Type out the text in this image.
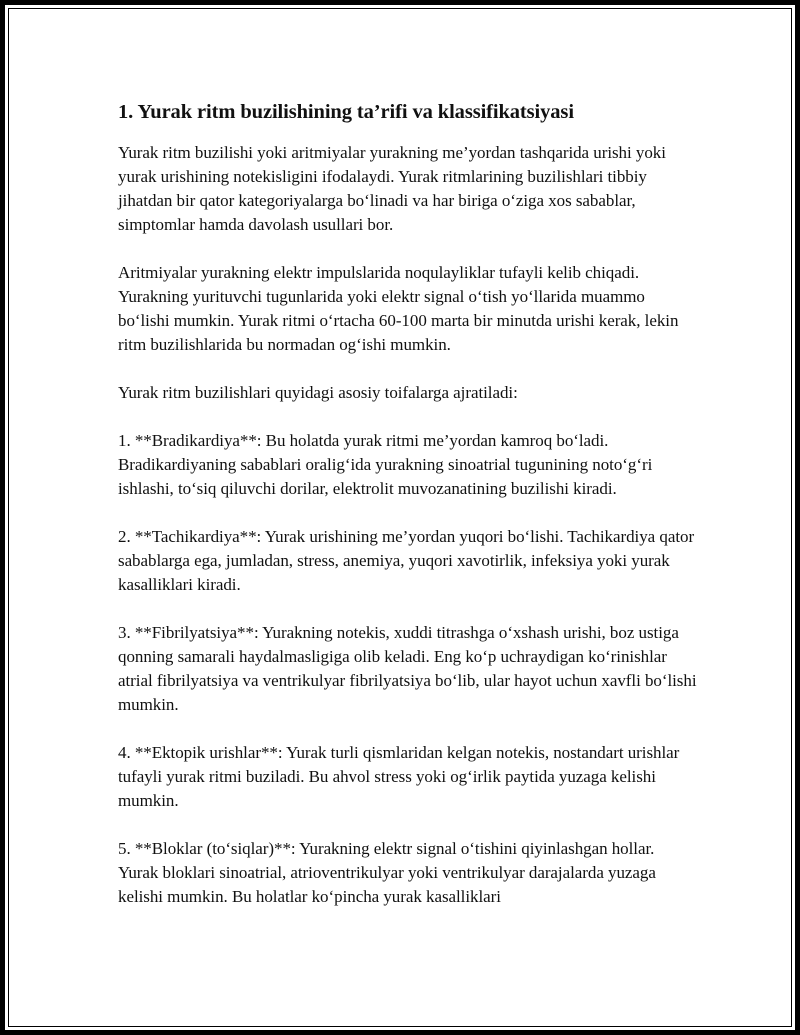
1. Yurak ritm buzilishining ta’rifi va klassifikatsiyasi

Yurak ritm buzilishi yoki aritmiyalar yurakning me’yordan tashqarida urishi yoki yurak urishining notekisligini ifodalaydi. Yurak ritmlarining buzilishlari tibbiy jihatdan bir qator kategoriyalarga bo‘linadi va har biriga o‘ziga xos sabablar, simptomlar hamda davolash usullari bor.

Aritmiyalar yurakning elektr impulslarida noqulayliklar tufayli kelib chiqadi. Yurakning yurituvchi tugunlarida yoki elektr signal o‘tish yo‘llarida muammo bo‘lishi mumkin. Yurak ritmi o‘rtacha 60-100 marta bir minutda urishi kerak, lekin ritm buzilishlarida bu normadan og‘ishi mumkin.

Yurak ritm buzilishlari quyidagi asosiy toifalarga ajratiladi:

1. **Bradikardiya**: Bu holatda yurak ritmi me’yordan kamroq bo‘ladi. Bradikardiyaning sabablari oralig‘ida yurakning sinoatrial tugunining noto‘g‘ri ishlashi, to‘siq qiluvchi dorilar, elektrolit muvozanatining buzilishi kiradi.

2. **Tachikardiya**: Yurak urishining me’yordan yuqori bo‘lishi. Tachikardiya qator sabablarga ega, jumladan, stress, anemiya, yuqori xavotirlik, infeksiya yoki yurak kasalliklari kiradi.

3. **Fibrilyatsiya**: Yurakning notekis, xuddi titrashga o‘xshash urishi, boz ustiga qonning samarali haydalmasligiga olib keladi. Eng ko‘p uchraydigan ko‘rinishlar atrial fibrilyatsiya va ventrikulyar fibrilyatsiya bo‘lib, ular hayot uchun xavfli bo‘lishi mumkin.

4. **Ektopik urishlar**: Yurak turli qismlaridan kelgan notekis, nostandart urishlar tufayli yurak ritmi buziladi. Bu ahvol stress yoki og‘irlik paytida yuzaga kelishi mumkin.

5. **Bloklar (to‘siqlar)**: Yurakning elektr signal o‘tishini qiyinlashgan hollar. Yurak bloklari sinoatrial, atrioventrikulyar yoki ventrikulyar darajalarda yuzaga kelishi mumkin. Bu holatlar ko‘pincha yurak kasalliklari
